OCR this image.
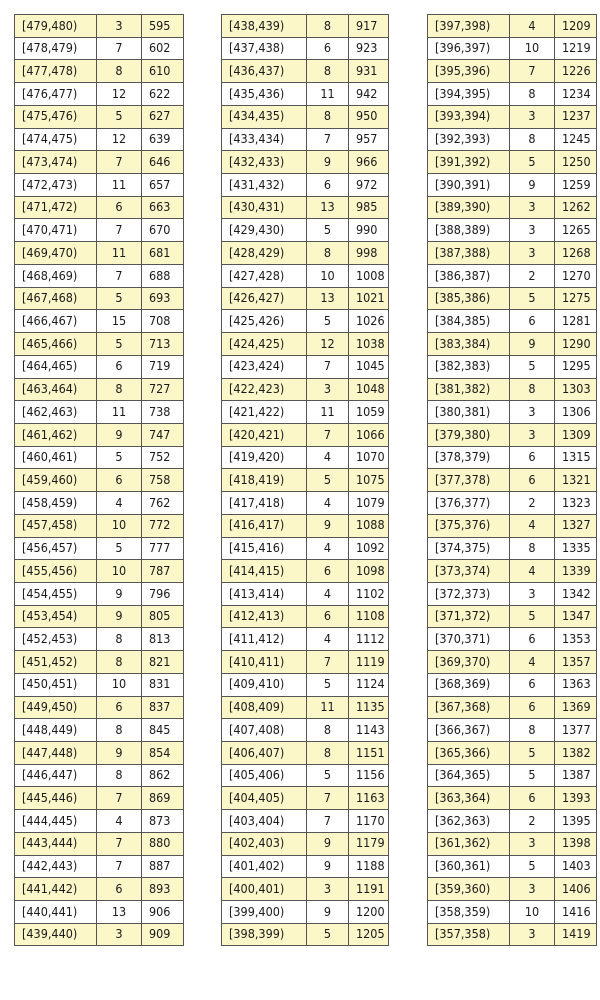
[479,480)	3	595
[478,479)	7	602
[477,478)	8	610
[476,477)	12	622
[475,476)	5	627
[474,475)	12	639
[473,474)	7	646
[472,473)	11	657
[471,472)	6	663
[470,471)	7	670
[469,470)	11	681
[468,469)	7	688
[467,468)	5	693
[466,467)	15	708
[465,466)	5	713
[464,465)	6	719
[463,464)	8	727
[462,463)	11	738
[461,462)	9	747
[460,461)	5	752
[459,460)	6	758
[458,459)	4	762
[457,458)	10	772
[456,457)	5	777
[455,456)	10	787
[454,455)	9	796
[453,454)	9	805
[452,453)	8	813
[451,452)	8	821
[450,451)	10	831
[449,450)	6	837
[448,449)	8	845
[447,448)	9	854
[446,447)	8	862
[445,446)	7	869
[444,445)	4	873
[443,444)	7	880
[442,443)	7	887
[441,442)	6	893
[440,441)	13	906
[439,440)	3	909
[438,439)	8	917
[437,438)	6	923
[436,437)	8	931
[435,436)	11	942
[434,435)	8	950
[433,434)	7	957
[432,433)	9	966
[431,432)	6	972
[430,431)	13	985
[429,430)	5	990
[428,429)	8	998
[427,428)	10	1008
[426,427)	13	1021
[425,426)	5	1026
[424,425)	12	1038
[423,424)	7	1045
[422,423)	3	1048
[421,422)	11	1059
[420,421)	7	1066
[419,420)	4	1070
[418,419)	5	1075
[417,418)	4	1079
[416,417)	9	1088
[415,416)	4	1092
[414,415)	6	1098
[413,414)	4	1102
[412,413)	6	1108
[411,412)	4	1112
[410,411)	7	1119
[409,410)	5	1124
[408,409)	11	1135
[407,408)	8	1143
[406,407)	8	1151
[405,406)	5	1156
[404,405)	7	1163
[403,404)	7	1170
[402,403)	9	1179
[401,402)	9	1188
[400,401)	3	1191
[399,400)	9	1200
[398,399)	5	1205
[397,398)	4	1209
[396,397)	10	1219
[395,396)	7	1226
[394,395)	8	1234
[393,394)	3	1237
[392,393)	8	1245
[391,392)	5	1250
[390,391)	9	1259
[389,390)	3	1262
[388,389)	3	1265
[387,388)	3	1268
[386,387)	2	1270
[385,386)	5	1275
[384,385)	6	1281
[383,384)	9	1290
[382,383)	5	1295
[381,382)	8	1303
[380,381)	3	1306
[379,380)	3	1309
[378,379)	6	1315
[377,378)	6	1321
[376,377)	2	1323
[375,376)	4	1327
[374,375)	8	1335
[373,374)	4	1339
[372,373)	3	1342
[371,372)	5	1347
[370,371)	6	1353
[369,370)	4	1357
[368,369)	6	1363
[367,368)	6	1369
[366,367)	8	1377
[365,366)	5	1382
[364,365)	5	1387
[363,364)	6	1393
[362,363)	2	1395
[361,362)	3	1398
[360,361)	5	1403
[359,360)	3	1406
[358,359)	10	1416
[357,358)	3	1419
